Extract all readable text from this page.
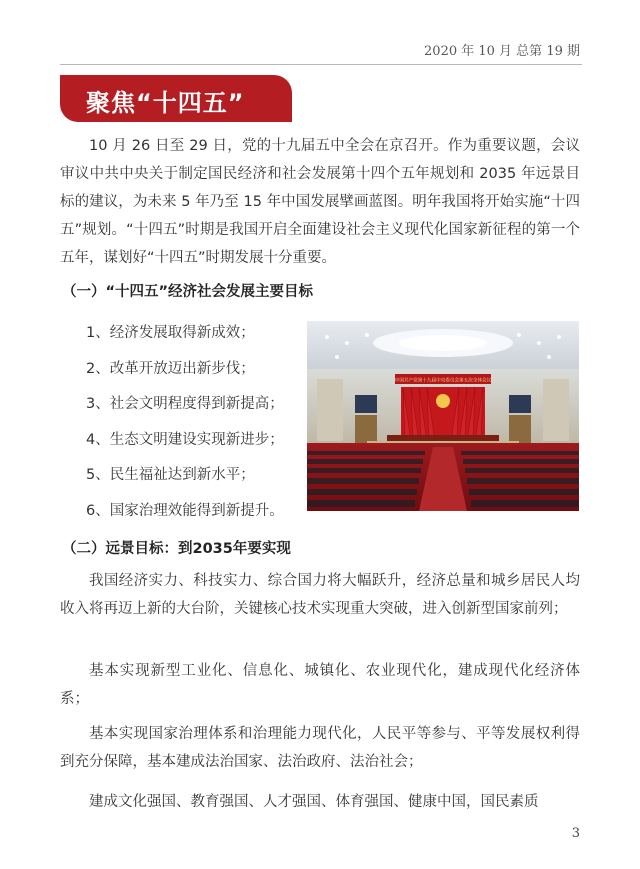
2020 年 10 月 总第 19 期
聚焦“十四五”
10 月 26 日至 29 日，党的十九届五中全会在京召开。作为重要议题，会议审议中共中央关于制定国民经济和社会发展第十四个五年规划和 2035 年远景目标的建议，为未来 5 年乃至 15 年中国发展擘画蓝图。明年我国将开始实施“十四五”规划。“十四五”时期是我国开启全面建设社会主义现代化国家新征程的第一个五年，谋划好“十四五”时期发展十分重要。
（一）“十四五”经济社会发展主要目标
1、经济发展取得新成效；
2、改革开放迈出新步伐；
3、社会文明程度得到新提高；
4、生态文明建设实现新进步；
5、民生福祉达到新水平；
6、国家治理效能得到新提升。
中国共产党第十九届中央委员会第五次全体会议
（二）远景目标：到2035年要实现
我国经济实力、科技实力、综合国力将大幅跃升，经济总量和城乡居民人均收入将再迈上新的大台阶，关键核心技术实现重大突破，进入创新型国家前列；
基本实现新型工业化、信息化、城镇化、农业现代化，建成现代化经济体系；
基本实现国家治理体系和治理能力现代化，人民平等参与、平等发展权利得到充分保障，基本建成法治国家、法治政府、法治社会；
建成文化强国、教育强国、人才强国、体育强国、健康中国，国民素质
3
